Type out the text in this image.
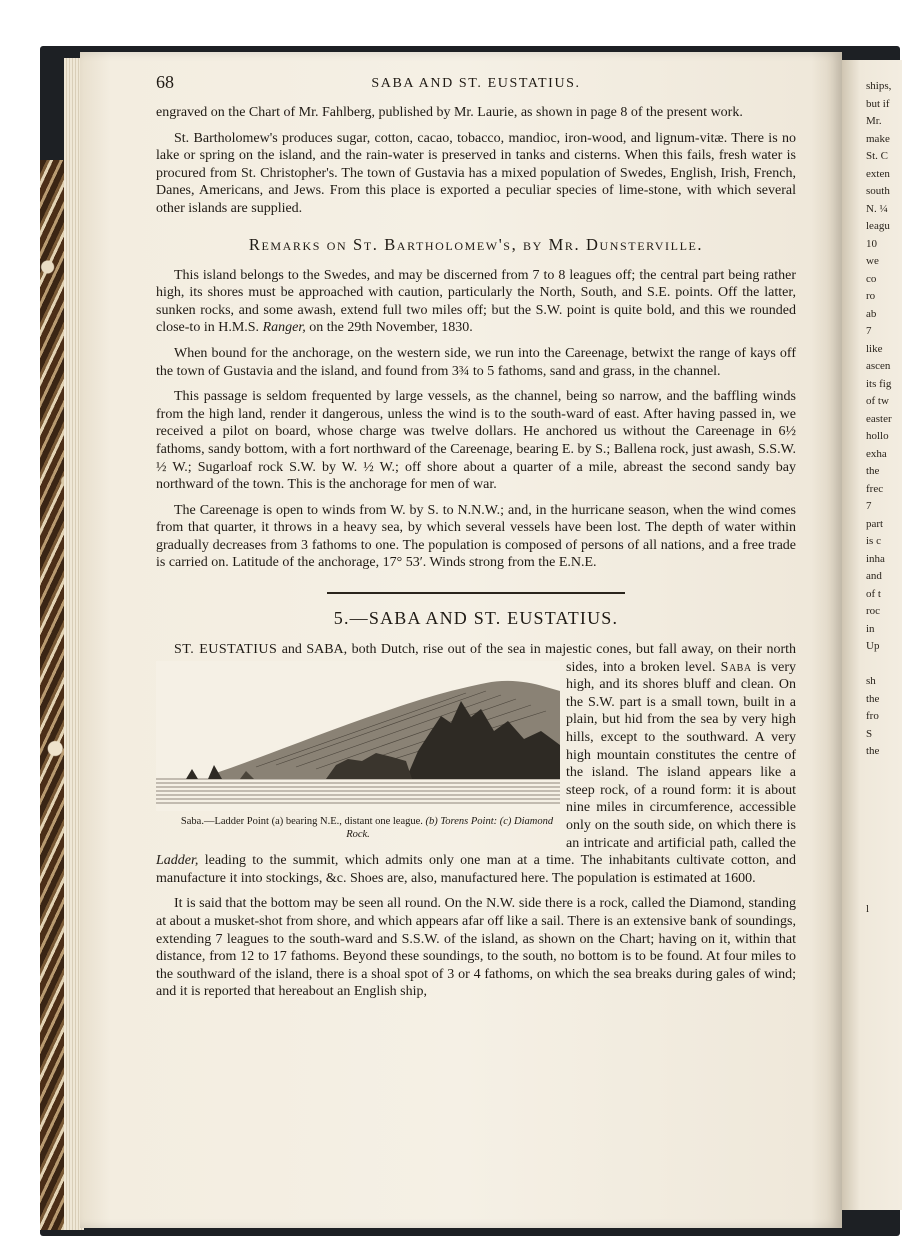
ships,
but if
Mr.
make
St. C
exten
south
N. ¼
leagu
10
we
co
ro
ab
7
like
ascen
its fig
of tw
easter
hollo
exha
the
frec
7
part
is c
inha
and
of t
roc
in
Up

sh
the
fro
S
the

l

68	SABA AND ST. EUSTATIUS.

engraved on the Chart of Mr. Fahlberg, published by Mr. Laurie, as shown in page 8 of the present work.

St. Bartholomew's produces sugar, cotton, cacao, tobacco, mandioc, iron-wood, and lignum-vitæ. There is no lake or spring on the island, and the rain-water is preserved in tanks and cisterns. When this fails, fresh water is procured from St. Christopher's. The town of Gustavia has a mixed population of Swedes, English, Irish, French, Danes, Americans, and Jews. From this place is exported a peculiar species of lime-stone, with which several other islands are supplied.

Remarks on St. Bartholomew's, by Mr. Dunsterville.

This island belongs to the Swedes, and may be discerned from 7 to 8 leagues off; the central part being rather high, its shores must be approached with caution, particularly the North, South, and S.E. points. Off the latter, sunken rocks, and some awash, extend full two miles off; but the S.W. point is quite bold, and this we rounded close-to in H.M.S. Ranger, on the 29th November, 1830.

When bound for the anchorage, on the western side, we run into the Careenage, betwixt the range of kays off the town of Gustavia and the island, and found from 3¾ to 5 fathoms, sand and grass, in the channel.

This passage is seldom frequented by large vessels, as the channel, being so narrow, and the baffling winds from the high land, render it dangerous, unless the wind is to the south-ward of east. After having passed in, we received a pilot on board, whose charge was twelve dollars. He anchored us without the Careenage in 6½ fathoms, sandy bottom, with a fort northward of the Careenage, bearing E. by S.; Ballena rock, just awash, S.S.W. ½ W.; Sugarloaf rock S.W. by W. ½ W.; off shore about a quarter of a mile, abreast the second sandy bay northward of the town. This is the anchorage for men of war.

The Careenage is open to winds from W. by S. to N.N.W.; and, in the hurricane season, when the wind comes from that quarter, it throws in a heavy sea, by which several vessels have been lost. The depth of water within gradually decreases from 3 fathoms to one. The population is composed of persons of all nations, and a free trade is carried on. Latitude of the anchorage, 17° 53′. Winds strong from the E.N.E.

5.—SABA AND ST. EUSTATIUS.

ST. EUSTATIUS and SABA, both Dutch, rise out of the sea in majestic cones, but fall away, on their north sides, into a broken level. Saba
a
b
c
Saba.—Ladder Point (a) bearing N.E., distant one league. (b) Torens Point: (c) Diamond Rock.
is very high, and its shores bluff and clean. On the S.W. part is a small town, built in a plain, but hid from the sea by very high hills, except to the southward. A very high mountain constitutes the centre of the island. The island appears like a steep rock, of a round form: it is about nine miles in circumference, accessible only on the south side, on which there is an intricate and artificial path, called the Ladder, leading to the summit, which admits only one man at a time. The inhabitants cultivate cotton, and manufacture it into stockings, &c. Shoes are, also, manufactured here. The population is estimated at 1600.

It is said that the bottom may be seen all round. On the N.W. side there is a rock, called the Diamond, standing at about a musket-shot from shore, and which appears afar off like a sail. There is an extensive bank of soundings, extending 7 leagues to the south-ward and S.S.W. of the island, as shown on the Chart; having on it, within that distance, from 12 to 17 fathoms. Beyond these soundings, to the south, no bottom is to be found. At four miles to the southward of the island, there is a shoal spot of 3 or 4 fathoms, on which the sea breaks during gales of wind; and it is reported that hereabout an English ship,
